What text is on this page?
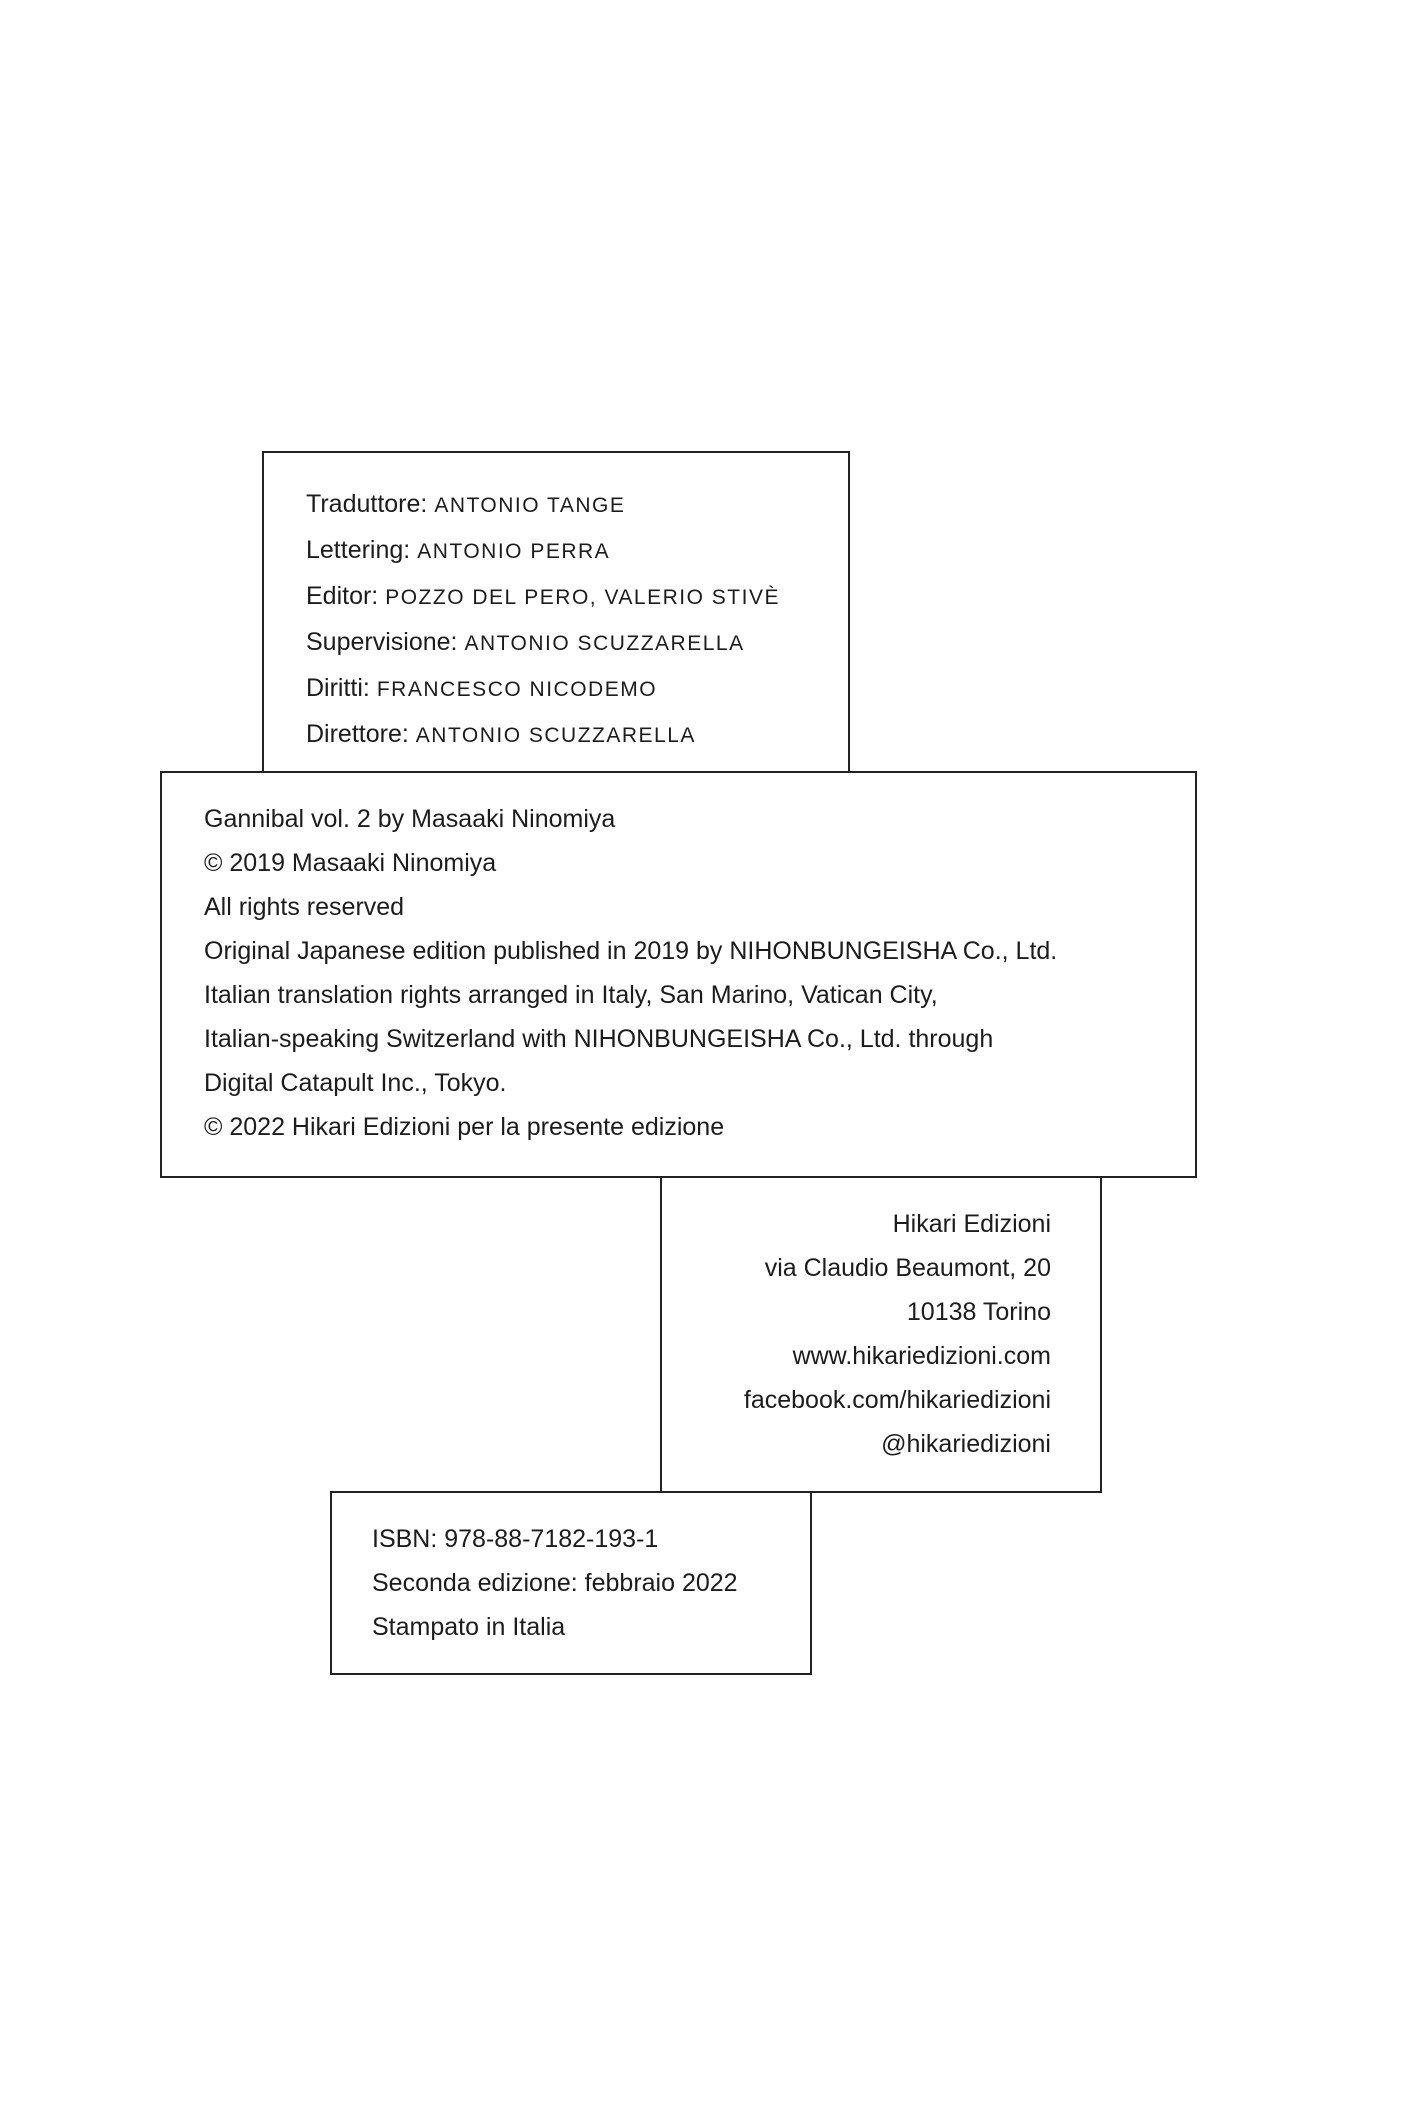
Traduttore: ANTONIO TANGE
Lettering: ANTONIO PERRA
Editor: POZZO DEL PERO, VALERIO STIVÈ
Supervisione: ANTONIO SCUZZARELLA
Diritti: FRANCESCO NICODEMO
Direttore: ANTONIO SCUZZARELLA
Gannibal vol. 2 by Masaaki Ninomiya
© 2019 Masaaki Ninomiya
All rights reserved
Original Japanese edition published in 2019 by NIHONBUNGEISHA Co., Ltd.
Italian translation rights arranged in Italy, San Marino, Vatican City,
Italian-speaking Switzerland with NIHONBUNGEISHA Co., Ltd. through
Digital Catapult Inc., Tokyo.
© 2022 Hikari Edizioni per la presente edizione
Hikari Edizioni
via Claudio Beaumont, 20
10138 Torino
www.hikariedizioni.com
facebook.com/hikariedizioni
@hikariedizioni
ISBN: 978-88-7182-193-1
Seconda edizione: febbraio 2022
Stampato in Italia
